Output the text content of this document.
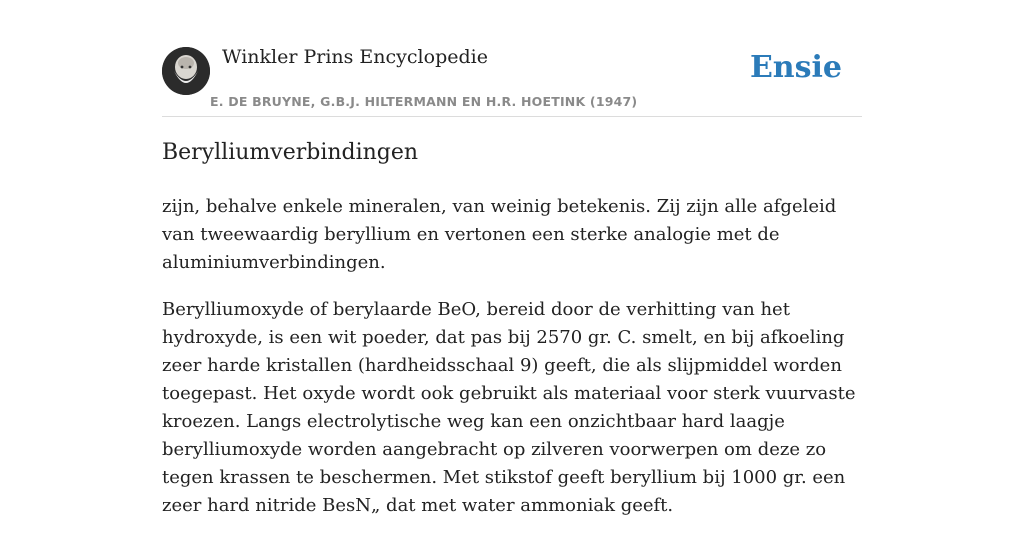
Winkler Prins Encyclopedie
E. DE BRUYNE, G.B.J. HILTERMANN EN H.R. HOETINK (1947)
Ensie
Berylliumverbindingen

zijn, behalve enkele mineralen, van weinig betekenis. Zij zijn alle afgeleid van tweewaardig beryllium en vertonen een sterke analogie met de aluminiumverbindingen.

Berylliumoxyde of berylaarde BeO, bereid door de verhitting van het hydroxyde, is een wit poeder, dat pas bij 2570 gr. C. smelt, en bij afkoeling zeer harde kristallen (hardheidsschaal 9) geeft, die als slijpmiddel worden toegepast. Het oxyde wordt ook gebruikt als materiaal voor sterk vuurvaste kroezen. Langs electrolytische weg kan een onzichtbaar hard laagje berylliumoxyde worden aangebracht op zilveren voorwerpen om deze zo tegen krassen te beschermen. Met stikstof geeft beryllium bij 1000 gr. een zeer hard nitride BesN„ dat met water ammoniak geeft.
